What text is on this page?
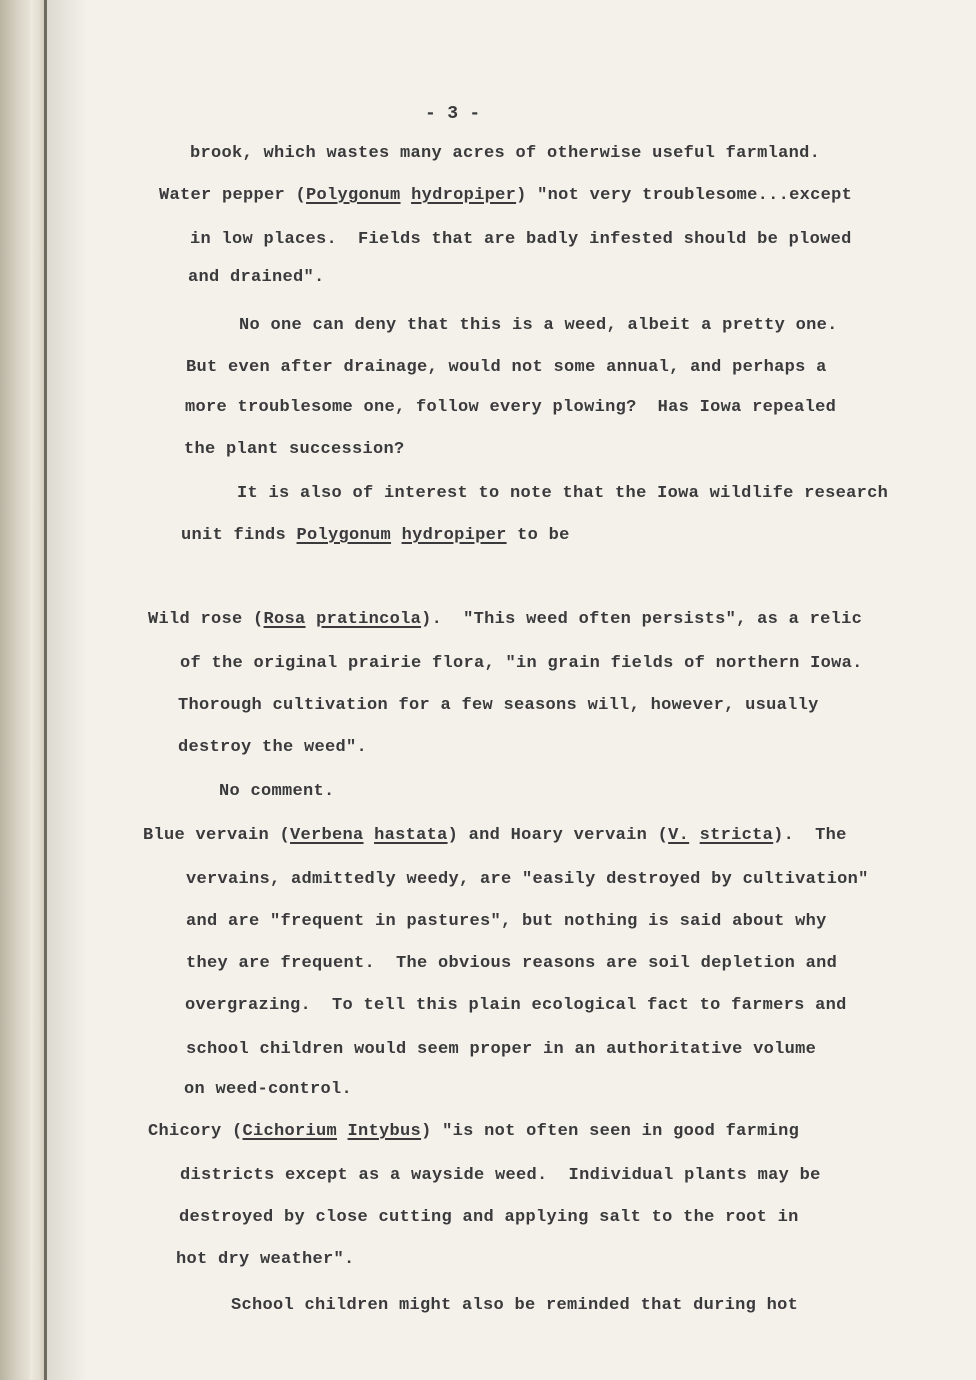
- 3 -

brook, which wastes many acres of otherwise useful farmland.

Water pepper (Polygonum hydropiper) "not very troublesome...except

in low places.  Fields that are badly infested should be plowed

and drained".

No one can deny that this is a weed, albeit a pretty one.

But even after drainage, would not some annual, and perhaps a

more troublesome one, follow every plowing?  Has Iowa repealed

the plant succession?

It is also of interest to note that the Iowa wildlife research

unit finds Polygonum hydropiper to be

Wild rose (Rosa pratincola).  "This weed often persists", as a relic

of the original prairie flora, "in grain fields of northern Iowa.

Thorough cultivation for a few seasons will, however, usually

destroy the weed".

No comment.

Blue vervain (Verbena hastata) and Hoary vervain (V. stricta).  The

vervains, admittedly weedy, are "easily destroyed by cultivation"

and are "frequent in pastures", but nothing is said about why

they are frequent.  The obvious reasons are soil depletion and

overgrazing.  To tell this plain ecological fact to farmers and

school children would seem proper in an authoritative volume

on weed-control.

Chicory (Cichorium Intybus) "is not often seen in good farming

districts except as a wayside weed.  Individual plants may be

destroyed by close cutting and applying salt to the root in

hot dry weather".

School children might also be reminded that during hot
